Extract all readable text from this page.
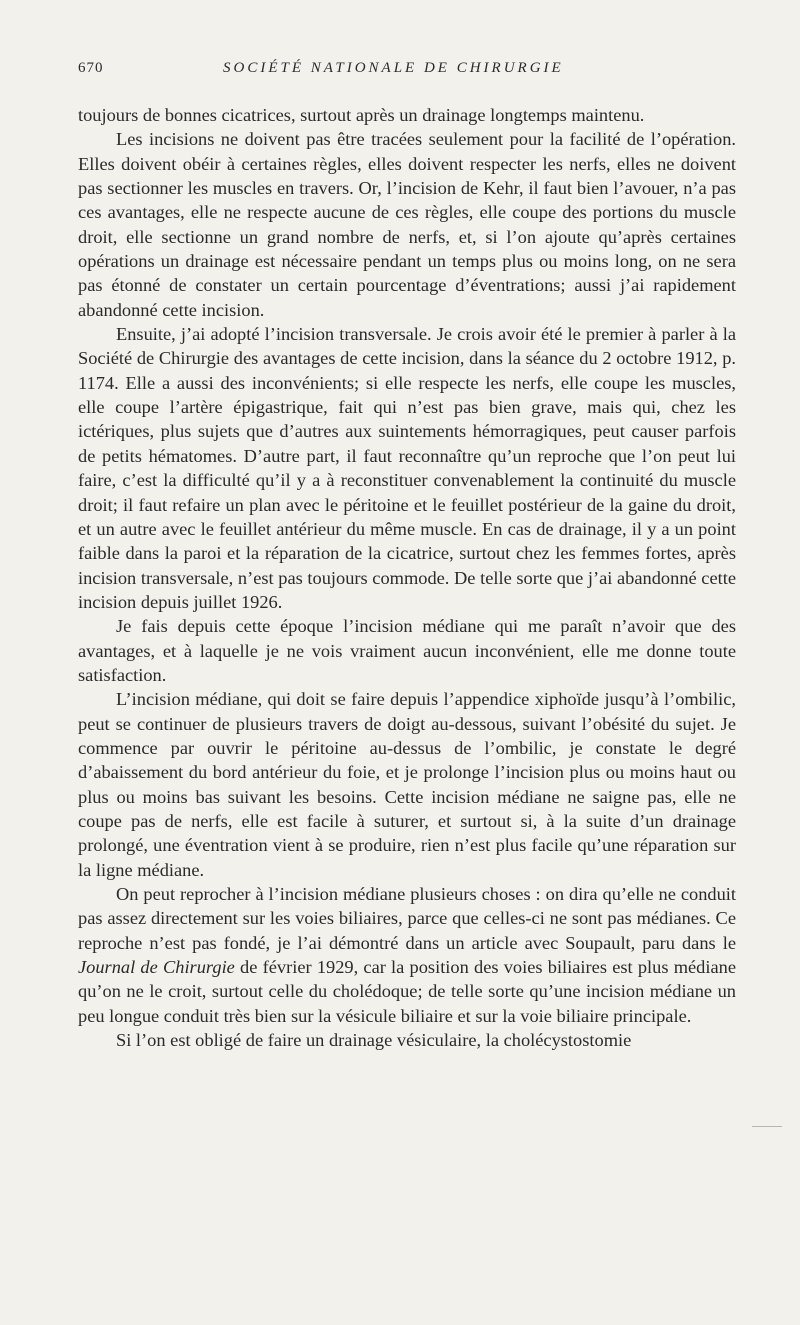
670	SOCIÉTÉ NATIONALE DE CHIRURGIE

toujours de bonnes cicatrices, surtout après un drainage longtemps maintenu.

Les incisions ne doivent pas être tracées seulement pour la facilité de l’opération. Elles doivent obéir à certaines règles, elles doivent respecter les nerfs, elles ne doivent pas sectionner les muscles en travers. Or, l’incision de Kehr, il faut bien l’avouer, n’a pas ces avantages, elle ne respecte aucune de ces règles, elle coupe des portions du muscle droit, elle sectionne un grand nombre de nerfs, et, si l’on ajoute qu’après certaines opérations un drainage est nécessaire pendant un temps plus ou moins long, on ne sera pas étonné de constater un certain pourcentage d’éventrations; aussi j’ai rapidement abandonné cette incision.

Ensuite, j’ai adopté l’incision transversale. Je crois avoir été le premier à parler à la Société de Chirurgie des avantages de cette incision, dans la séance du 2 octobre 1912, p. 1174. Elle a aussi des inconvénients; si elle respecte les nerfs, elle coupe les muscles, elle coupe l’artère épigastrique, fait qui n’est pas bien grave, mais qui, chez les ictériques, plus sujets que d’autres aux suintements hémorragiques, peut causer parfois de petits hématomes. D’autre part, il faut reconnaître qu’un reproche que l’on peut lui faire, c’est la difficulté qu’il y a à reconstituer convenablement la continuité du muscle droit; il faut refaire un plan avec le péritoine et le feuillet postérieur de la gaine du droit, et un autre avec le feuillet antérieur du même muscle. En cas de drainage, il y a un point faible dans la paroi et la réparation de la cicatrice, surtout chez les femmes fortes, après incision transversale, n’est pas toujours commode. De telle sorte que j’ai abandonné cette incision depuis juillet 1926.

Je fais depuis cette époque l’incision médiane qui me paraît n’avoir que des avantages, et à laquelle je ne vois vraiment aucun inconvénient, elle me donne toute satisfaction.

L’incision médiane, qui doit se faire depuis l’appendice xiphoïde jusqu’à l’ombilic, peut se continuer de plusieurs travers de doigt au-dessous, suivant l’obésité du sujet. Je commence par ouvrir le péritoine au-dessus de l’ombilic, je constate le degré d’abaissement du bord antérieur du foie, et je prolonge l’incision plus ou moins haut ou plus ou moins bas suivant les besoins. Cette incision médiane ne saigne pas, elle ne coupe pas de nerfs, elle est facile à suturer, et surtout si, à la suite d’un drainage prolongé, une éventration vient à se produire, rien n’est plus facile qu’une réparation sur la ligne médiane.

On peut reprocher à l’incision médiane plusieurs choses : on dira qu’elle ne conduit pas assez directement sur les voies biliaires, parce que celles-ci ne sont pas médianes. Ce reproche n’est pas fondé, je l’ai démontré dans un article avec Soupault, paru dans le Journal de Chirurgie de février 1929, car la position des voies biliaires est plus médiane qu’on ne le croit, surtout celle du cholédoque; de telle sorte qu’une incision médiane un peu longue conduit très bien sur la vésicule biliaire et sur la voie biliaire principale.

Si l’on est obligé de faire un drainage vésiculaire, la cholécystostomie
